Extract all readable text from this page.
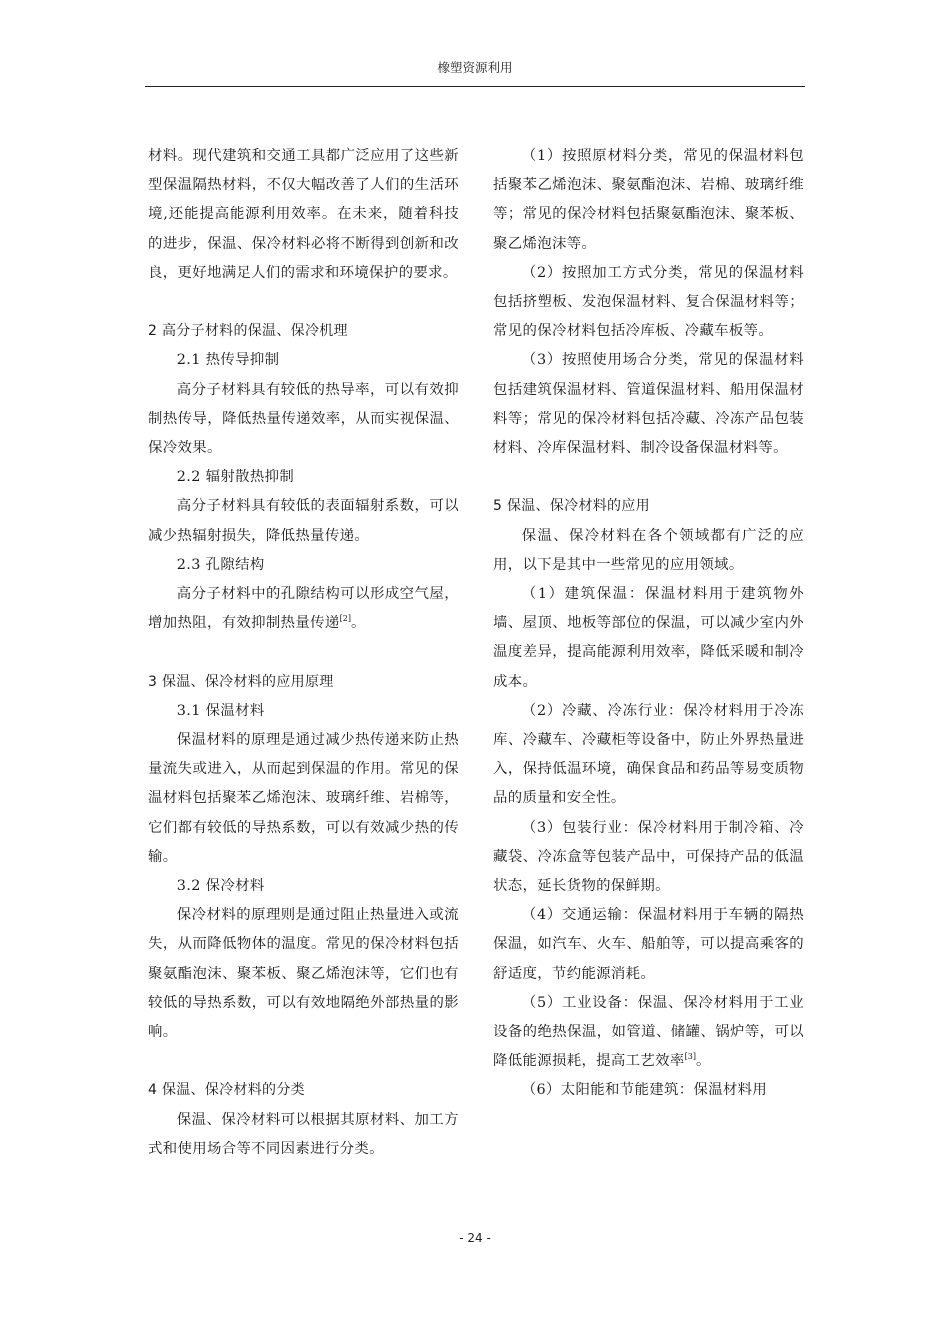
橡塑资源利用

材料。现代建筑和交通工具都广泛应用了这些新型保温隔热材料，不仅大幅改善了人们的生活环境,还能提高能源利用效率。在未来，随着科技的进步，保温、保冷材料必将不断得到创新和改良，更好地满足人们的需求和环境保护的要求。

2 高分子材料的保温、保冷机理
2.1 热传导抑制

高分子材料具有较低的热导率，可以有效抑制热传导，降低热量传递效率，从而实视保温、保冷效果。

2.2 辐射散热抑制

高分子材料具有较低的表面辐射系数，可以减少热辐射损失，降低热量传递。

2.3 孔隙结构

高分子材料中的孔隙结构可以形成空气屋，增加热阻，有效抑制热量传递[2]。

3 保温、保冷材料的应用原理
3.1 保温材料

保温材料的原理是通过减少热传递来防止热量流失或进入，从而起到保温的作用。常见的保温材料包括聚苯乙烯泡沫、玻璃纤维、岩棉等，它们都有较低的导热系数，可以有效减少热的传输。

3.2 保冷材料

保冷材料的原理则是通过阻止热量进入或流失，从而降低物体的温度。常见的保冷材料包括聚氨酯泡沫、聚苯板、聚乙烯泡沫等，它们也有较低的导热系数，可以有效地隔绝外部热量的影响。

4 保温、保冷材料的分类

保温、保冷材料可以根据其原材料、加工方式和使用场合等不同因素进行分类。

（1）按照原材料分类，常见的保温材料包括聚苯乙烯泡沫、聚氨酯泡沫、岩棉、玻璃纤维等；常见的保冷材料包括聚氨酯泡沫、聚苯板、聚乙烯泡沫等。

（2）按照加工方式分类，常见的保温材料包括挤塑板、发泡保温材料、复合保温材料等；常见的保冷材料包括冷库板、冷藏车板等。

（3）按照使用场合分类，常见的保温材料包括建筑保温材料、管道保温材料、船用保温材料等；常见的保冷材料包括冷藏、冷冻产品包装材料、冷库保温材料、制冷设备保温材料等。

5 保温、保冷材料的应用

保温、保冷材料在各个领域都有广泛的应用，以下是其中一些常见的应用领域。

（1）建筑保温：保温材料用于建筑物外墙、屋顶、地板等部位的保温，可以减少室内外温度差异，提高能源利用效率，降低采暖和制冷成本。

（2）冷藏、冷冻行业：保冷材料用于冷冻库、冷藏车、冷藏柜等设备中，防止外界热量进入，保持低温环境，确保食品和药品等易变质物品的质量和安全性。

（3）包装行业：保冷材料用于制冷箱、冷藏袋、冷冻盒等包装产品中，可保持产品的低温状态，延长货物的保鲜期。

（4）交通运输：保温材料用于车辆的隔热保温，如汽车、火车、船舶等，可以提高乘客的舒适度，节约能源消耗。

（5）工业设备：保温、保冷材料用于工业设备的绝热保温，如管道、储罐、锅炉等，可以降低能源损耗，提高工艺效率[3]。

（6）太阳能和节能建筑：保温材料用

- 24 -
